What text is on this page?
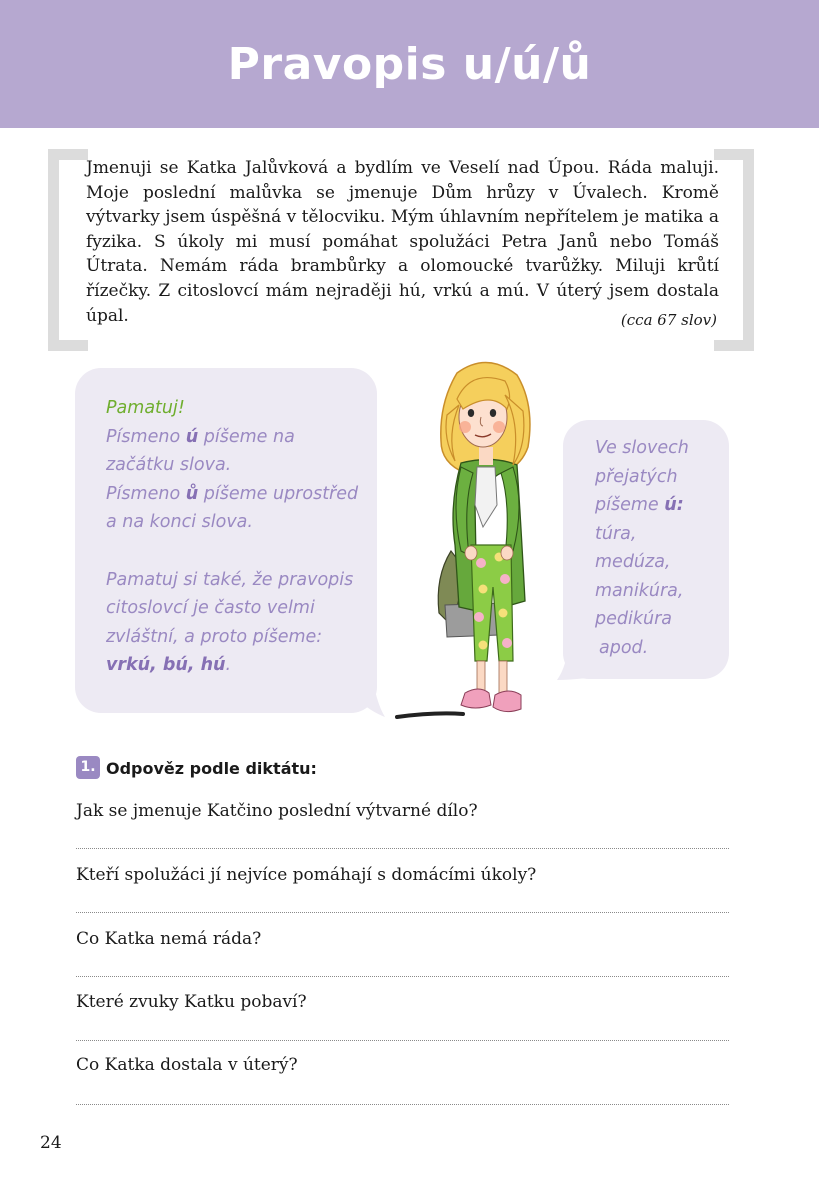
Pravopis u/ú/ů

Jmenuji se Katka Jalůvková a bydlím ve Veselí nad Úpou. Ráda maluji. Moje poslední malůvka se jmenuje Dům hrůzy v Úvalech. Kromě výtvarky jsem úspěšná v tělocviku. Mým úhlavním nepřítelem je matika a fyzika. S úkoly mi musí pomáhat spolužáci Petra Janů nebo Tomáš Útrata. Nemám ráda brambůrky a olomoucké tvarůžky. Miluji krůtí řízečky. Z citoslovcí mám nejraději hú, vrkú a mú. V úterý jsem dostala úpal.	(cca 67 slov)

Pamatuj!

Písmeno ú píšeme na

začátku slova.

Písmeno ů píšeme uprostřed

a na konci slova.

Pamatuj si také, že pravopis

citoslovcí je často velmi

zvláštní, a proto píšeme:

vrkú, bú, hú.

Ve slovech

přejatých

píšeme ú:

túra,

medúza,

manikúra,

pedikúra

apod.

1. Odpověz podle diktátu:
Jak se jmenuje Katčino poslední výtvarné dílo?
Kteří spolužáci jí nejvíce pomáhají s domácími úkoly?
Co Katka nemá ráda?
Které zvuky Katku pobaví?
Co Katka dostala v úterý?
24
